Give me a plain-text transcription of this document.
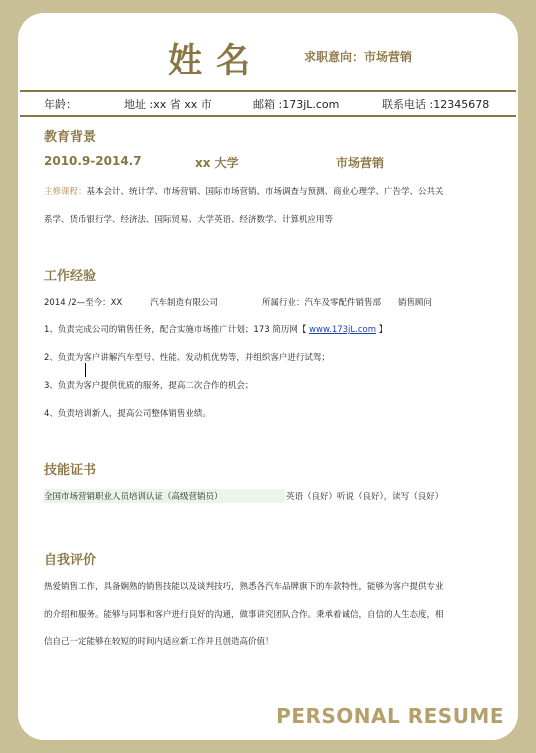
姓名	求职意向：市场营销
年龄：	地址 :xx 省 xx 市	邮箱 :173jL.com	联系电话 :12345678
教育背景
2010.9-2014.7	xx 大学	市场营销
主修课程：基本会计、统计学、市场营销、国际市场营销、市场调查与预测、商业心理学、广告学、公共关
系学、货币银行学、经济法、国际贸易、大学英语、经济数学、计算机应用等
工作经验
2014 /2—至今：XX	汽车制造有限公司	所属行业：汽车及零配件销售部 销售顾问
1、负责完成公司的销售任务，配合实施市场推广计划；173 简历网【 www.173jL.com 】
2、负责为客户讲解汽车型号、性能、发动机优势等，并组织客户进行试驾；
3、负责为客户提供优质的服务，提高二次合作的机会；
4、负责培训新人，提高公司整体销售业绩。
技能证书
全国市场营销职业人员培训认证（高级营销员）	英语（良好）听说（良好），读写（良好）
自我评价
热爱销售工作，具备娴熟的销售技能以及谈判技巧，熟悉各汽车品牌旗下的车款特性，能够为客户提供专业
的介绍和服务。能够与同事和客户进行良好的沟通，做事讲究团队合作。秉承着诚信，自信的人生态度，相
信自己一定能够在较短的时间内适应新工作并且创造高价值！
PERSONAL RESUME
